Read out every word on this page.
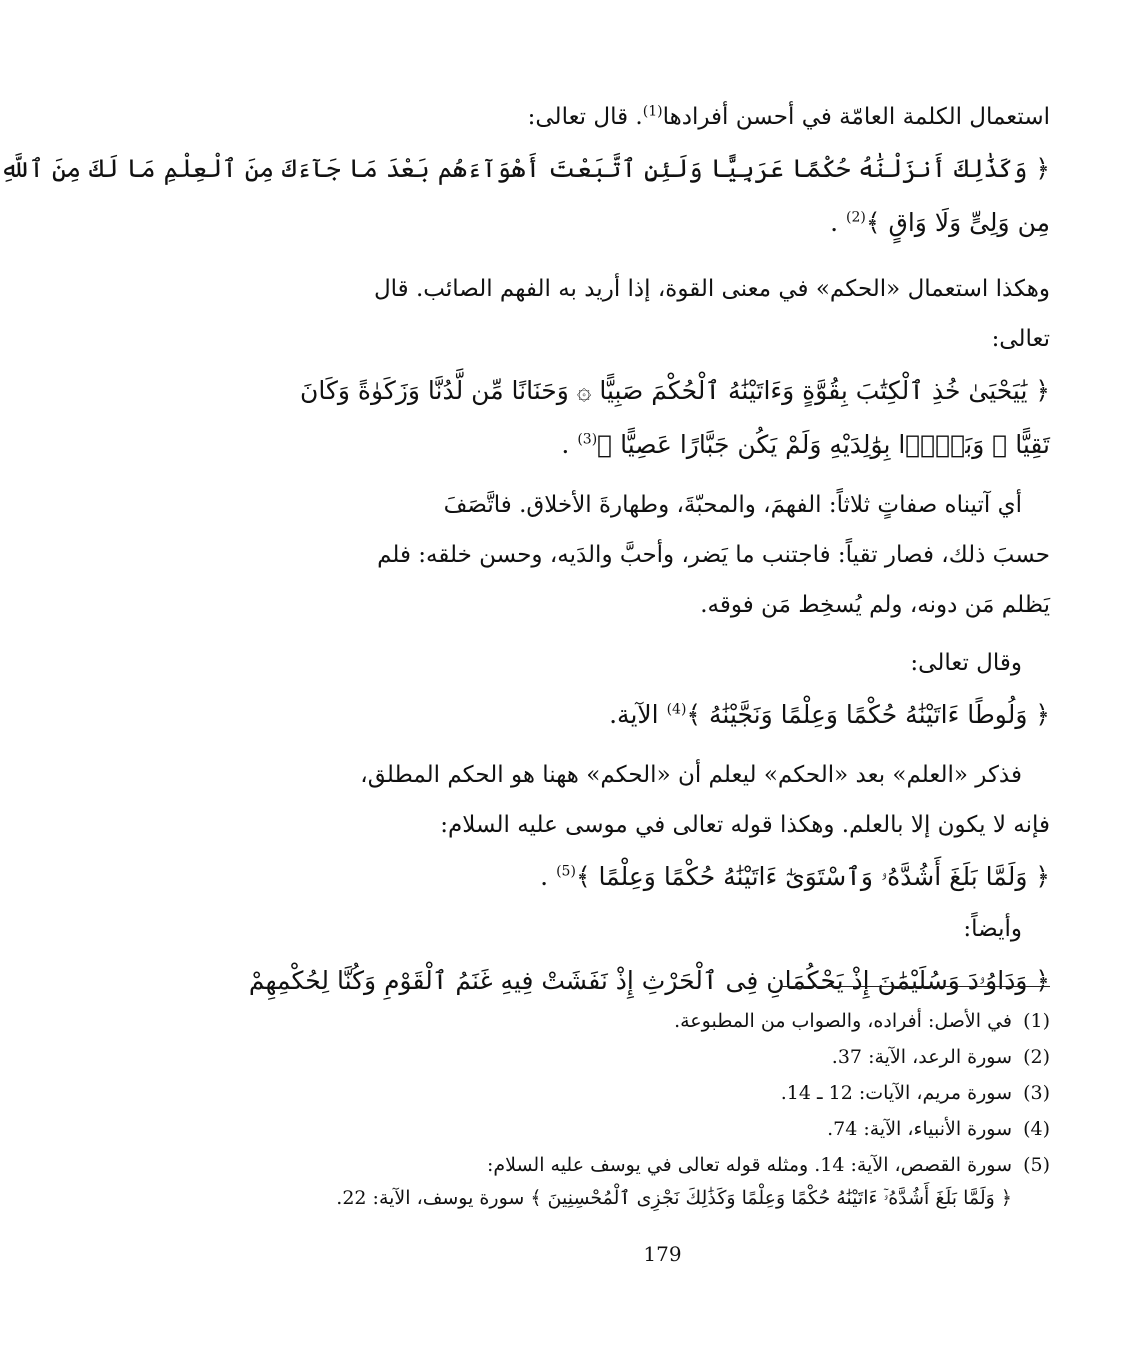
استعمال الكلمة العامّة في أحسن أفرادها$^{(1)}$. قال تعالى:
﴿ وَكَذَٰلِكَ أَنزَلْنَٰهُ حُكْمًا عَرَبِيًّا وَلَئِنِ ٱتَّبَعْتَ أَهْوَآءَهُم بَعْدَ مَا جَآءَكَ مِنَ ٱلْعِلْمِ مَا لَكَ مِنَ ٱللَّهِ
مِن وَلِىٍّ وَلَا وَاقٍ ﴾$^{(2)}$ .
وهكذا استعمال «الحكم» في معنى القوة، إذا أريد به الفهم الصائب. قال
تعالى:
﴿ يَٰيَحْيَىٰ خُذِ ٱلْكِتَٰبَ بِقُوَّةٍ وَءَاتَيْنَٰهُ ٱلْحُكْمَ صَبِيًّا ۞ وَحَنَانًا مِّن لَّدُنَّا وَزَكَوٰةً وَكَانَ
تَقِيًّا ۞ وَبَرًّۢا بِوَٰلِدَيْهِ وَلَمْ يَكُن جَبَّارًا عَصِيًّا ﴾$^{(3)}$ .
أي آتيناه صفاتٍ ثلاثاً: الفهمَ، والمحبّةَ، وطهارةَ الأخلاق. فاتَّصَفَ
حسبَ ذلك، فصار تقياً: فاجتنب ما يَضر، وأحبَّ والدَيه، وحسن خلقه: فلم
يَظلم مَن دونه، ولم يُسخِط مَن فوقه.
وقال تعالى:
﴿ وَلُوطًا ءَاتَيْنَٰهُ حُكْمًا وَعِلْمًا وَنَجَّيْنَٰهُ ﴾$^{(4)}$ الآية.
فذكر «العلم» بعد «الحكم» ليعلم أن «الحكم» ههنا هو الحكم المطلق،
فإنه لا يكون إلا بالعلم. وهكذا قوله تعالى في موسى عليه السلام:
﴿ وَلَمَّا بَلَغَ أَشُدَّهُۥ وَٱسْتَوَىٰٓ ءَاتَيْنَٰهُ حُكْمًا وَعِلْمًا ﴾$^{(5)}$ .
وأيضاً:
﴿ وَدَاوُۥدَ وَسُلَيْمَٰنَ إِذْ يَحْكُمَانِ فِى ٱلْحَرْثِ إِذْ نَفَشَتْ فِيهِ غَنَمُ ٱلْقَوْمِ وَكُنَّا لِحُكْمِهِمْ
(1)في الأصل: أفراده، والصواب من المطبوعة.
(2)سورة الرعد، الآية: 37.
(3)سورة مريم، الآيات: 12 ـ 14.
(4)سورة الأنبياء، الآية: 74.
(5)سورة القصص، الآية: 14. ومثله قوله تعالى في يوسف عليه السلام:
﴿ وَلَمَّا بَلَغَ أَشُدَّهُۥٓ ءَاتَيْنَٰهُ حُكْمًا وَعِلْمًا وَكَذَٰلِكَ نَجْزِى ٱلْمُحْسِنِينَ ﴾ سورة يوسف، الآية: 22.
179
